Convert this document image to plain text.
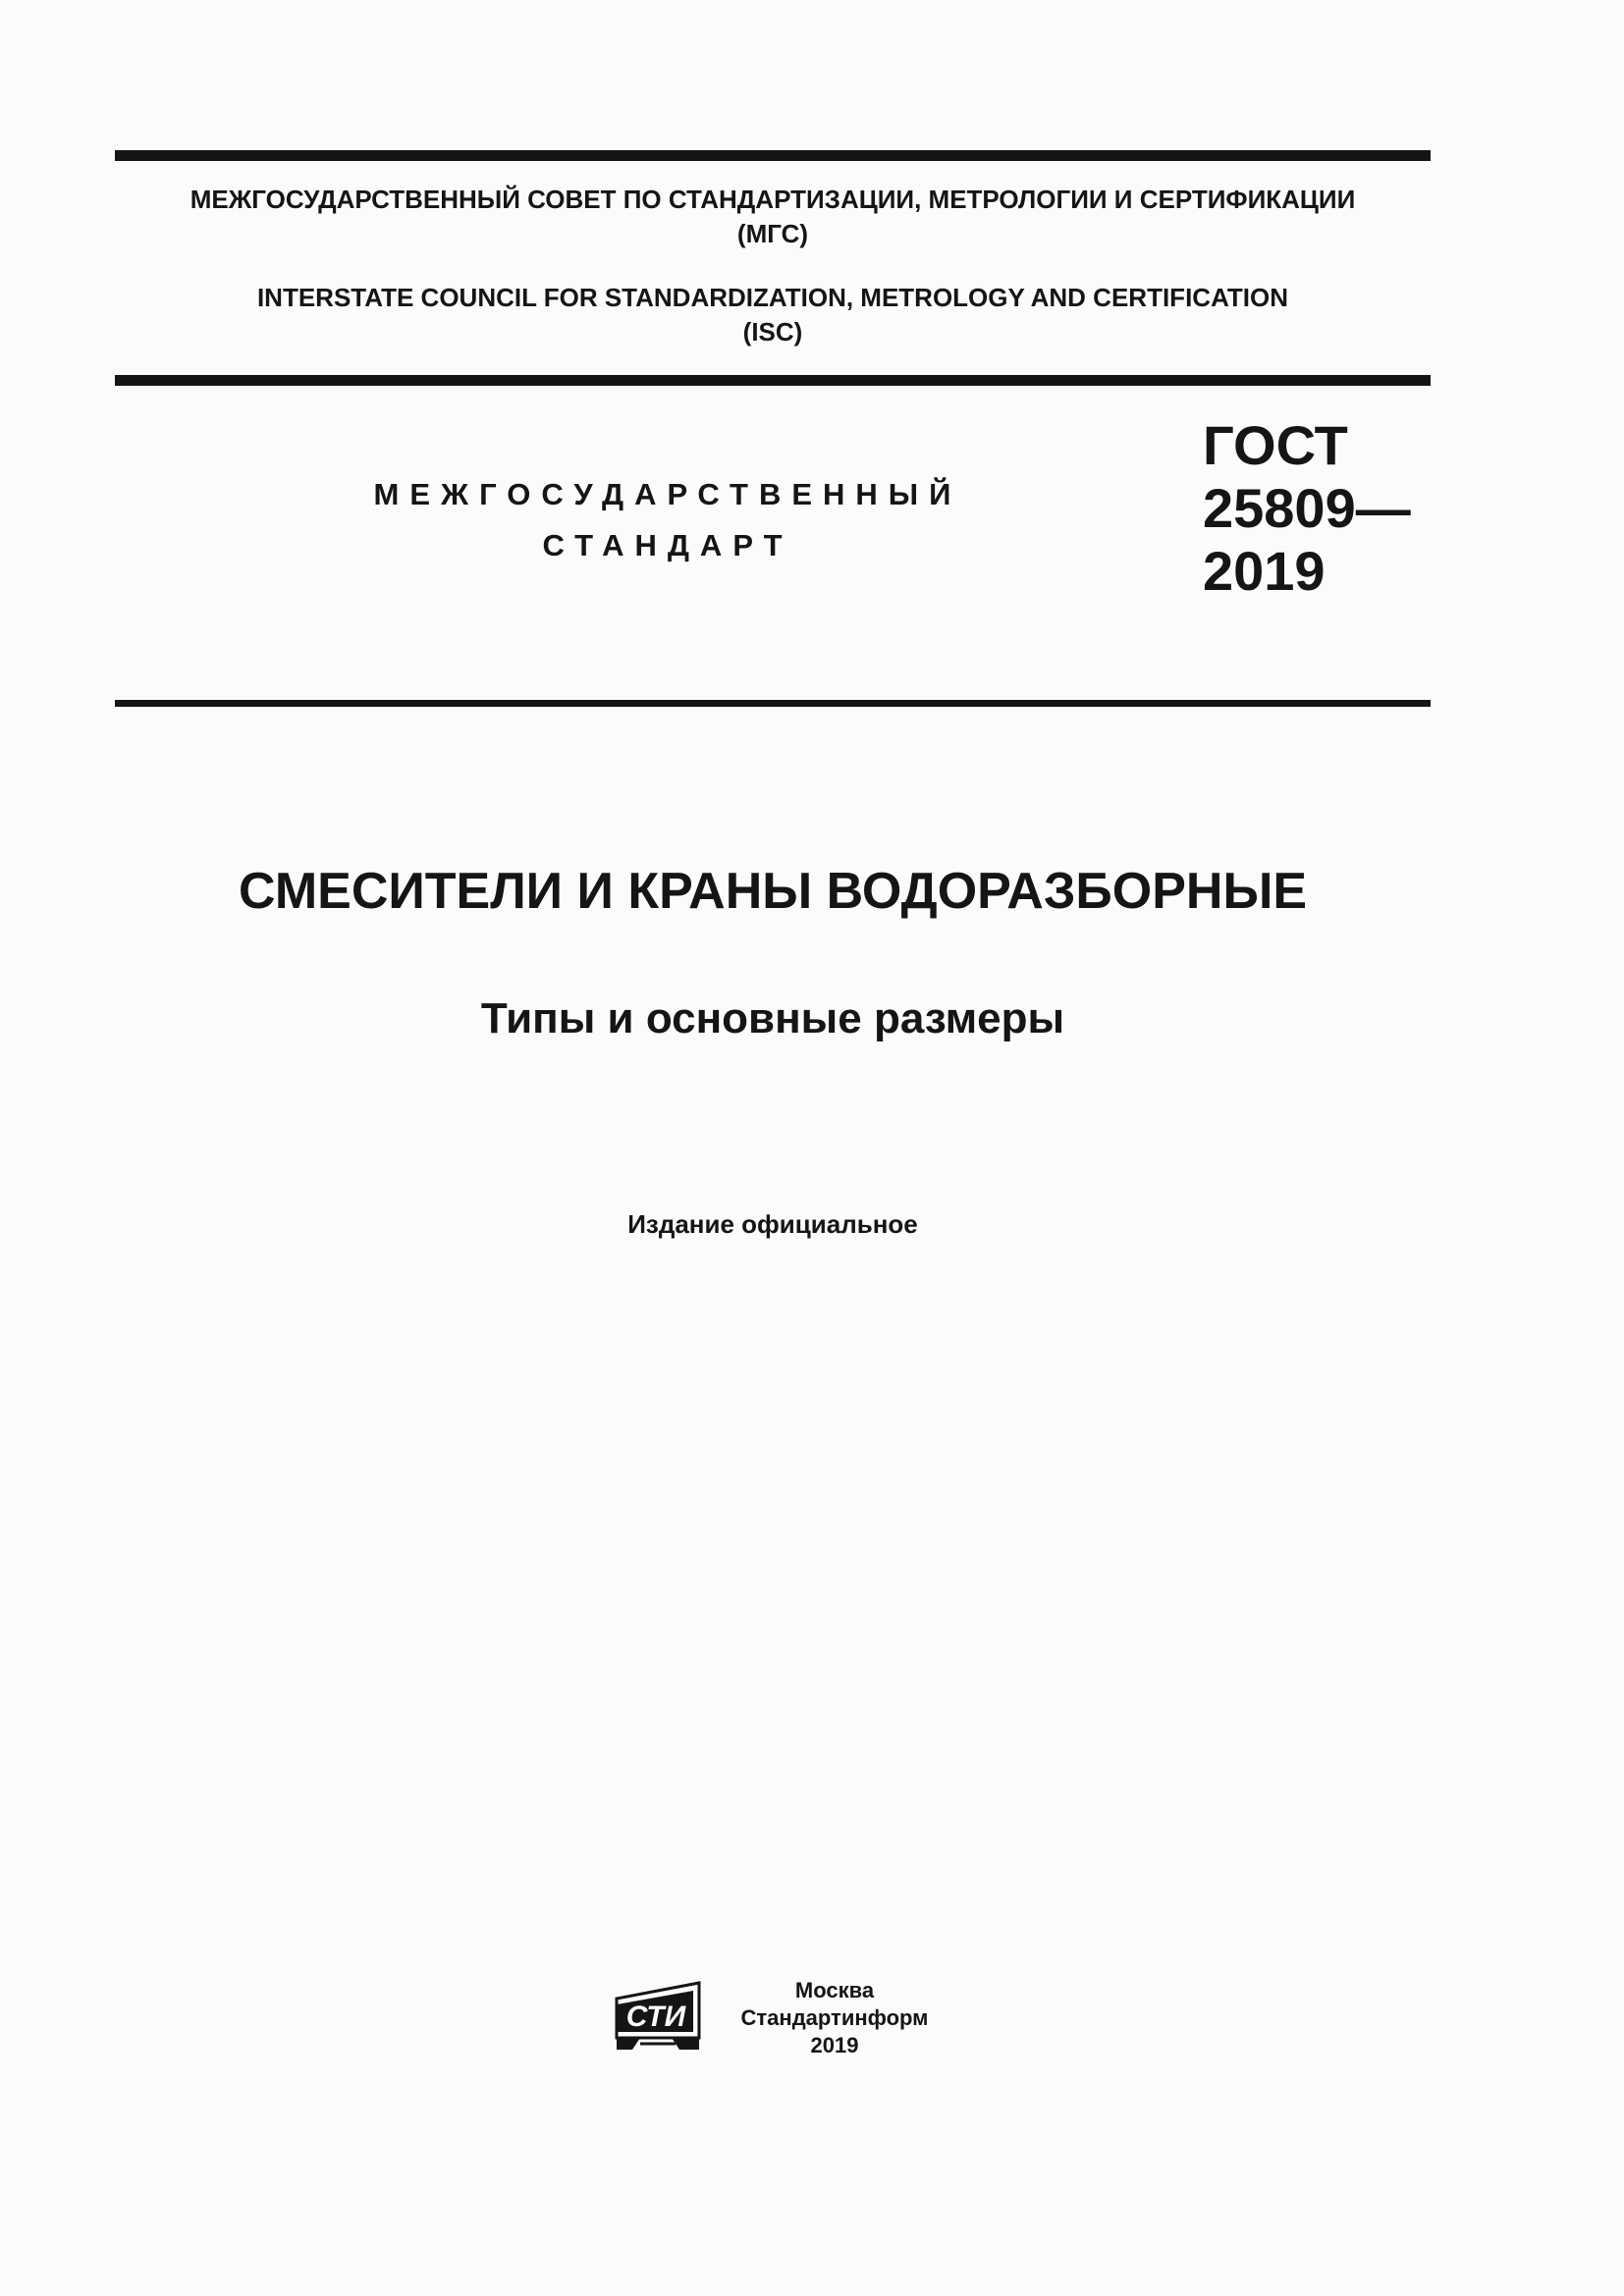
МЕЖГОСУДАРСТВЕННЫЙ СОВЕТ ПО СТАНДАРТИЗАЦИИ, МЕТРОЛОГИИ И СЕРТИФИКАЦИИ
(МГС)
INTERSTATE COUNCIL FOR STANDARDIZATION, METROLOGY AND CERTIFICATION
(ISC)
МЕЖГОСУДАРСТВЕННЫЙ
СТАНДАРТ
ГОСТ
25809—
2019
СМЕСИТЕЛИ И КРАНЫ ВОДОРАЗБОРНЫЕ
Типы и основные размеры
Издание официальное
СТИ
Москва
Стандартинформ
2019
